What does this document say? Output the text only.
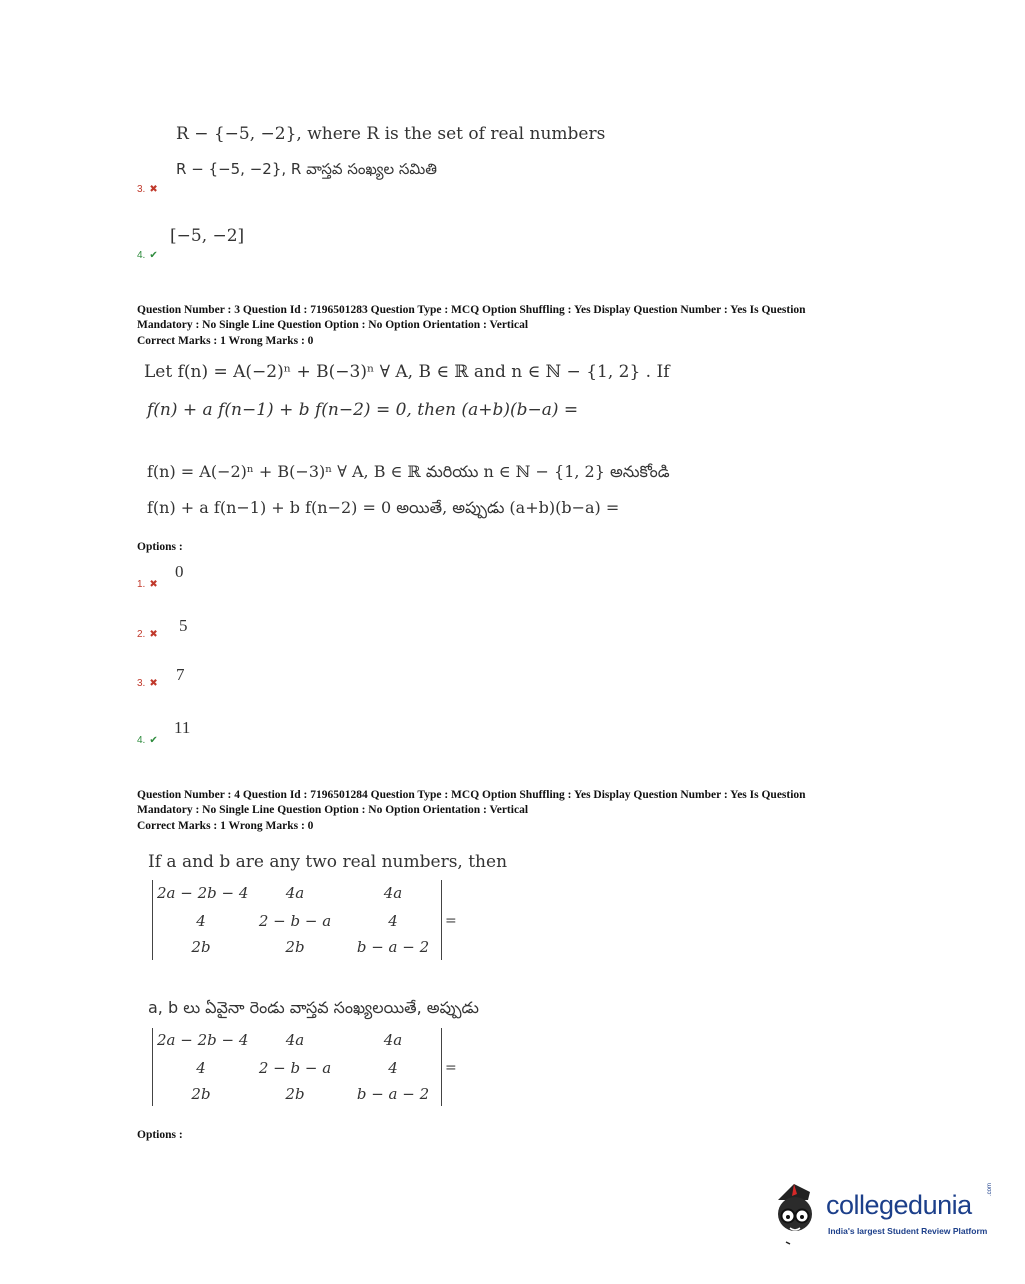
R − {−5, −2}, where R is the set of real numbers
R − {−5, −2}, R వాస్తవ సంఖ్యల సమితి
3. ✖
[−5, −2]
4. ✔
Question Number : 3 Question Id : 7196501283 Question Type : MCQ Option Shuffling : Yes Display Question Number : Yes Is Question
Mandatory : No Single Line Question Option : No Option Orientation : Vertical
Correct Marks : 1 Wrong Marks : 0
Let f(n) = A(−2)ⁿ + B(−3)ⁿ ∀ A, B ∈ ℝ and n ∈ ℕ − {1, 2} . If
f(n) + a f(n−1) + b f(n−2) = 0, then (a+b)(b−a) =
f(n) = A(−2)ⁿ + B(−3)ⁿ ∀ A, B ∈ ℝ మరియు n ∈ ℕ − {1, 2} అనుకోండి
f(n) + a f(n−1) + b f(n−2) = 0 అయితే, అప్పుడు (a+b)(b−a) =
Options :
0
1. ✖
5
2. ✖
7
3. ✖
11
4. ✔
Question Number : 4 Question Id : 7196501284 Question Type : MCQ Option Shuffling : Yes Display Question Number : Yes Is Question
Mandatory : No Single Line Question Option : No Option Orientation : Vertical
Correct Marks : 1 Wrong Marks : 0
If a and b are any two real numbers, then
2a − 2b − 4	4a	4a
4	2 − b − a	4
2b	2b	b − a − 2
=
a, b లు ఏవైనా రెండు వాస్తవ సంఖ్యలయితే, అప్పుడు
2a − 2b − 4	4a	4a
4	2 − b − a	4
2b	2b	b − a − 2
=
Options :
collegedunia
.com
India's largest Student Review Platform
